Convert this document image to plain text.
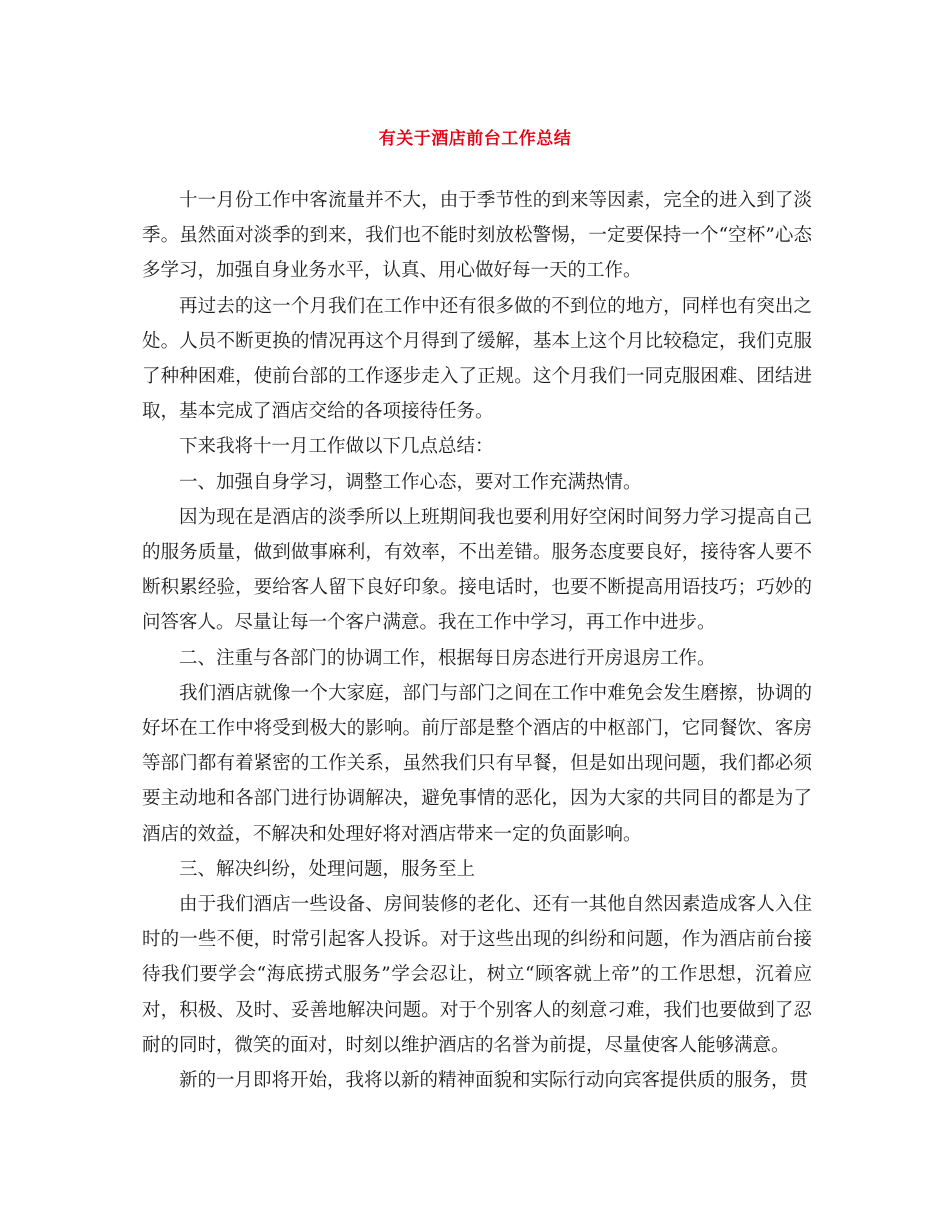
有关于酒店前台工作总结

十一月份工作中客流量并不大，由于季节性的到来等因素，完全的进入到了淡季。虽然面对淡季的到来，我们也不能时刻放松警惕，一定要保持一个“空杯”心态多学习，加强自身业务水平，认真、用心做好每一天的工作。

再过去的这一个月我们在工作中还有很多做的不到位的地方，同样也有突出之处。人员不断更换的情况再这个月得到了缓解，基本上这个月比较稳定，我们克服了种种困难，使前台部的工作逐步走入了正规。这个月我们一同克服困难、团结进取，基本完成了酒店交给的各项接待任务。

下来我将十一月工作做以下几点总结：

一、加强自身学习，调整工作心态，要对工作充满热情。

因为现在是酒店的淡季所以上班期间我也要利用好空闲时间努力学习提高自己的服务质量，做到做事麻利，有效率，不出差错。服务态度要良好，接待客人要不断积累经验，要给客人留下良好印象。接电话时，也要不断提高用语技巧；巧妙的问答客人。尽量让每一个客户满意。我在工作中学习，再工作中进步。

二、注重与各部门的协调工作，根据每日房态进行开房退房工作。

我们酒店就像一个大家庭，部门与部门之间在工作中难免会发生磨擦，协调的好坏在工作中将受到极大的影响。前厅部是整个酒店的中枢部门，它同餐饮、客房等部门都有着紧密的工作关系，虽然我们只有早餐，但是如出现问题，我们都必须要主动地和各部门进行协调解决，避免事情的恶化，因为大家的共同目的都是为了酒店的效益，不解决和处理好将对酒店带来一定的负面影响。

三、解决纠纷，处理问题，服务至上

由于我们酒店一些设备、房间装修的老化、还有一其他自然因素造成客人入住时的一些不便，时常引起客人投诉。对于这些出现的纠纷和问题，作为酒店前台接待我们要学会“海底捞式服务”学会忍让，树立“顾客就上帝”的工作思想，沉着应对，积极、及时、妥善地解决问题。对于个别客人的刻意刁难，我们也要做到了忍耐的同时，微笑的面对，时刻以维护酒店的名誉为前提，尽量使客人能够满意。

新的一月即将开始，我将以新的精神面貌和实际行动向宾客提供质的服务，贯
